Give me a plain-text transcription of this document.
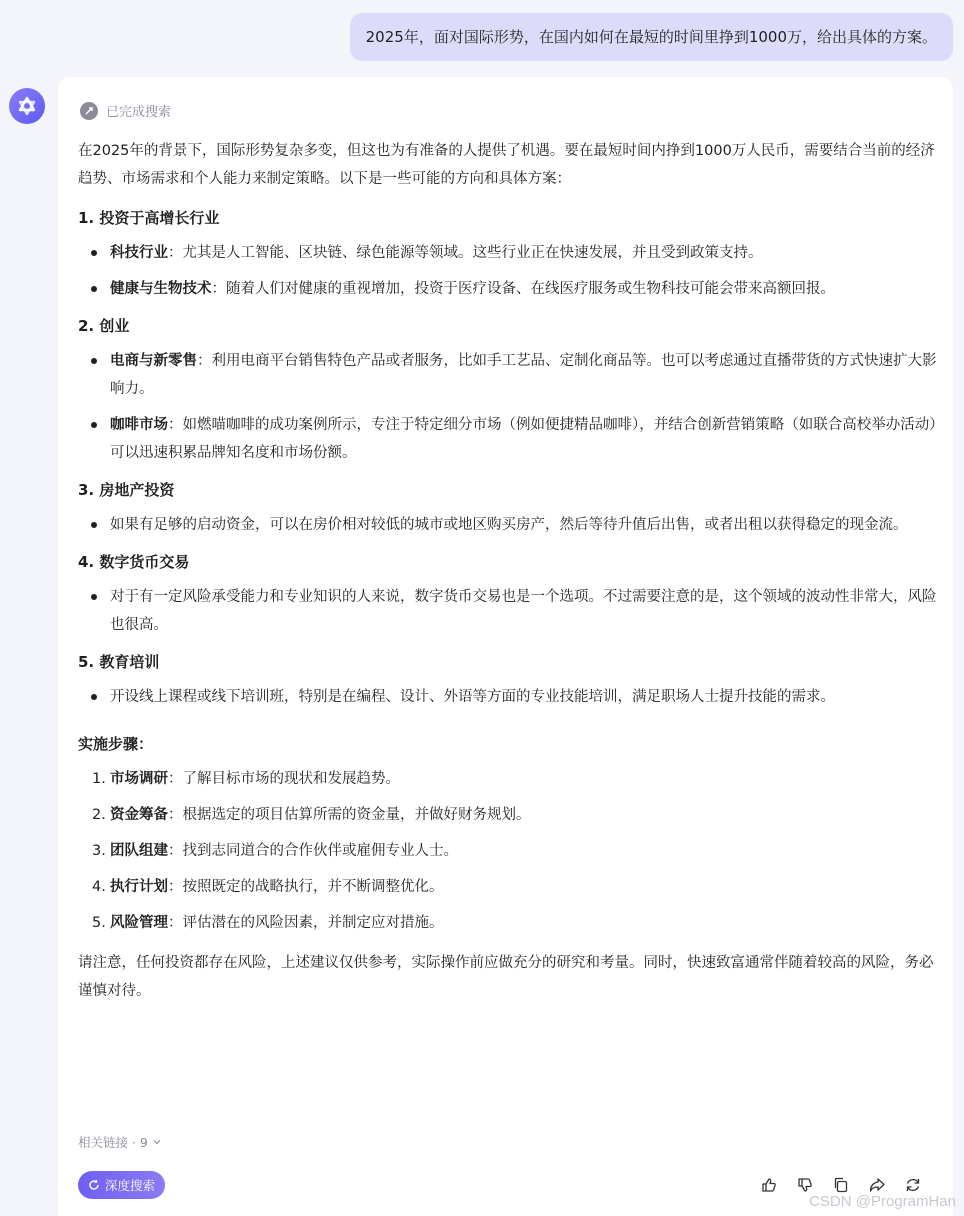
2025年，面对国际形势，在国内如何在最短的时间里挣到1000万，给出具体的方案。
已完成搜索

在2025年的背景下，国际形势复杂多变，但这也为有准备的人提供了机遇。要在最短时间内挣到1000万人民币，需要结合当前的经济趋势、市场需求和个人能力来制定策略。以下是一些可能的方向和具体方案：

1. 投资于高增长行业
科技行业：尤其是人工智能、区块链、绿色能源等领域。这些行业正在快速发展，并且受到政策支持。
健康与生物技术：随着人们对健康的重视增加，投资于医疗设备、在线医疗服务或生物科技可能会带来高额回报。
2. 创业
电商与新零售：利用电商平台销售特色产品或者服务，比如手工艺品、定制化商品等。也可以考虑通过直播带货的方式快速扩大影响力。
咖啡市场：如燃喵咖啡的成功案例所示，专注于特定细分市场（例如便捷精品咖啡），并结合创新营销策略（如联合高校举办活动）可以迅速积累品牌知名度和市场份额。
3. 房地产投资
如果有足够的启动资金，可以在房价相对较低的城市或地区购买房产，然后等待升值后出售，或者出租以获得稳定的现金流。
4. 数字货币交易
对于有一定风险承受能力和专业知识的人来说，数字货币交易也是一个选项。不过需要注意的是，这个领域的波动性非常大，风险也很高。
5. 教育培训
开设线上课程或线下培训班，特别是在编程、设计、外语等方面的专业技能培训，满足职场人士提升技能的需求。
实施步骤：
1. 市场调研：了解目标市场的现状和发展趋势。
2. 资金筹备：根据选定的项目估算所需的资金量，并做好财务规划。
3. 团队组建：找到志同道合的合作伙伴或雇佣专业人士。
4. 执行计划：按照既定的战略执行，并不断调整优化。
5. 风险管理：评估潜在的风险因素，并制定应对措施。

请注意，任何投资都存在风险，上述建议仅供参考，实际操作前应做充分的研究和考量。同时，快速致富通常伴随着较高的风险，务必谨慎对待。

相关链接 · 9
深度搜索
CSDN @ProgramHan
